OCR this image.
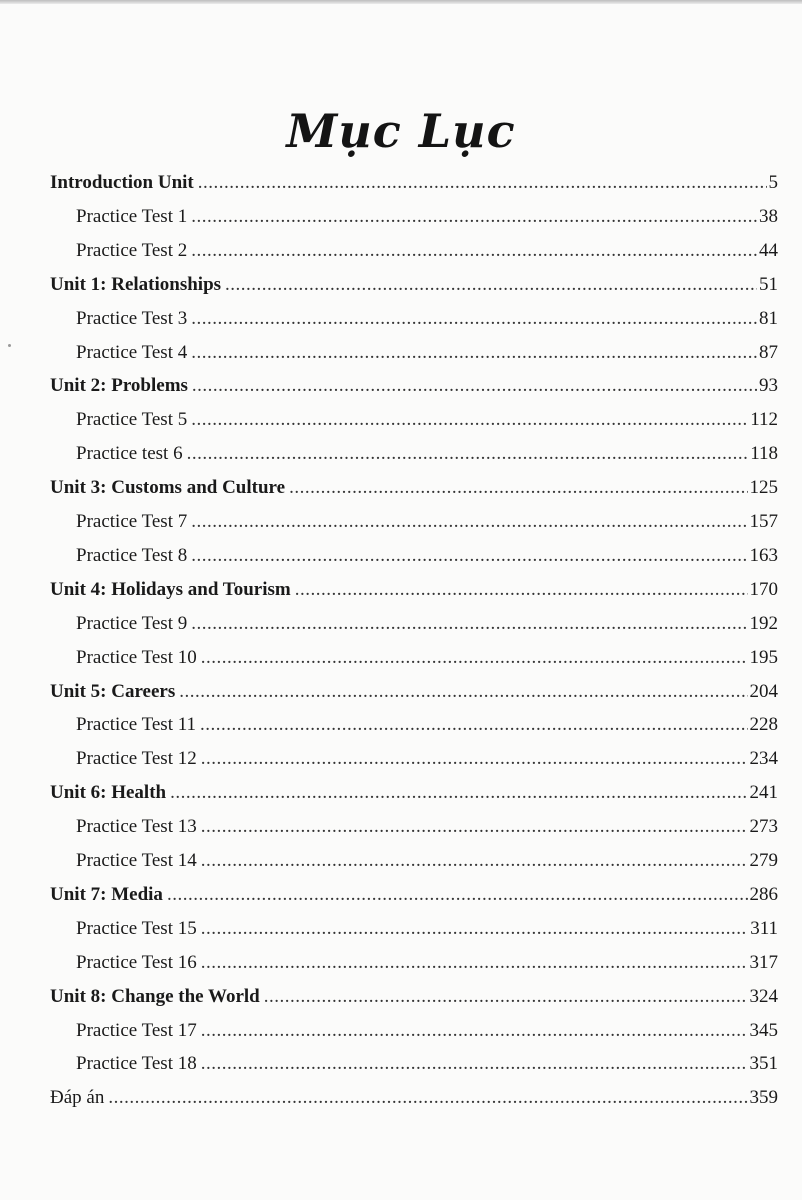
Mục Lục
Introduction Unit .....	5
Practice Test 1 .....	38
Practice Test 2 .....	44
Unit 1: Relationships .....	51
Practice Test 3 .....	81
Practice Test 4 .....	87
Unit 2: Problems .....	93
Practice Test 5 .....	112
Practice test 6 .....	118
Unit 3: Customs and Culture .....	125
Practice Test 7 .....	157
Practice Test 8 .....	163
Unit 4: Holidays and Tourism .....	170
Practice Test 9 .....	192
Practice Test 10 .....	195
Unit 5: Careers .....	204
Practice Test 11 .....	228
Practice Test 12 .....	234
Unit 6: Health .....	241
Practice Test 13 .....	273
Practice Test 14 .....	279
Unit 7: Media .....	286
Practice Test 15 .....	311
Practice Test 16 .....	317
Unit 8: Change the World .....	324
Practice Test 17 .....	345
Practice Test 18 .....	351
Đáp án .....	359
